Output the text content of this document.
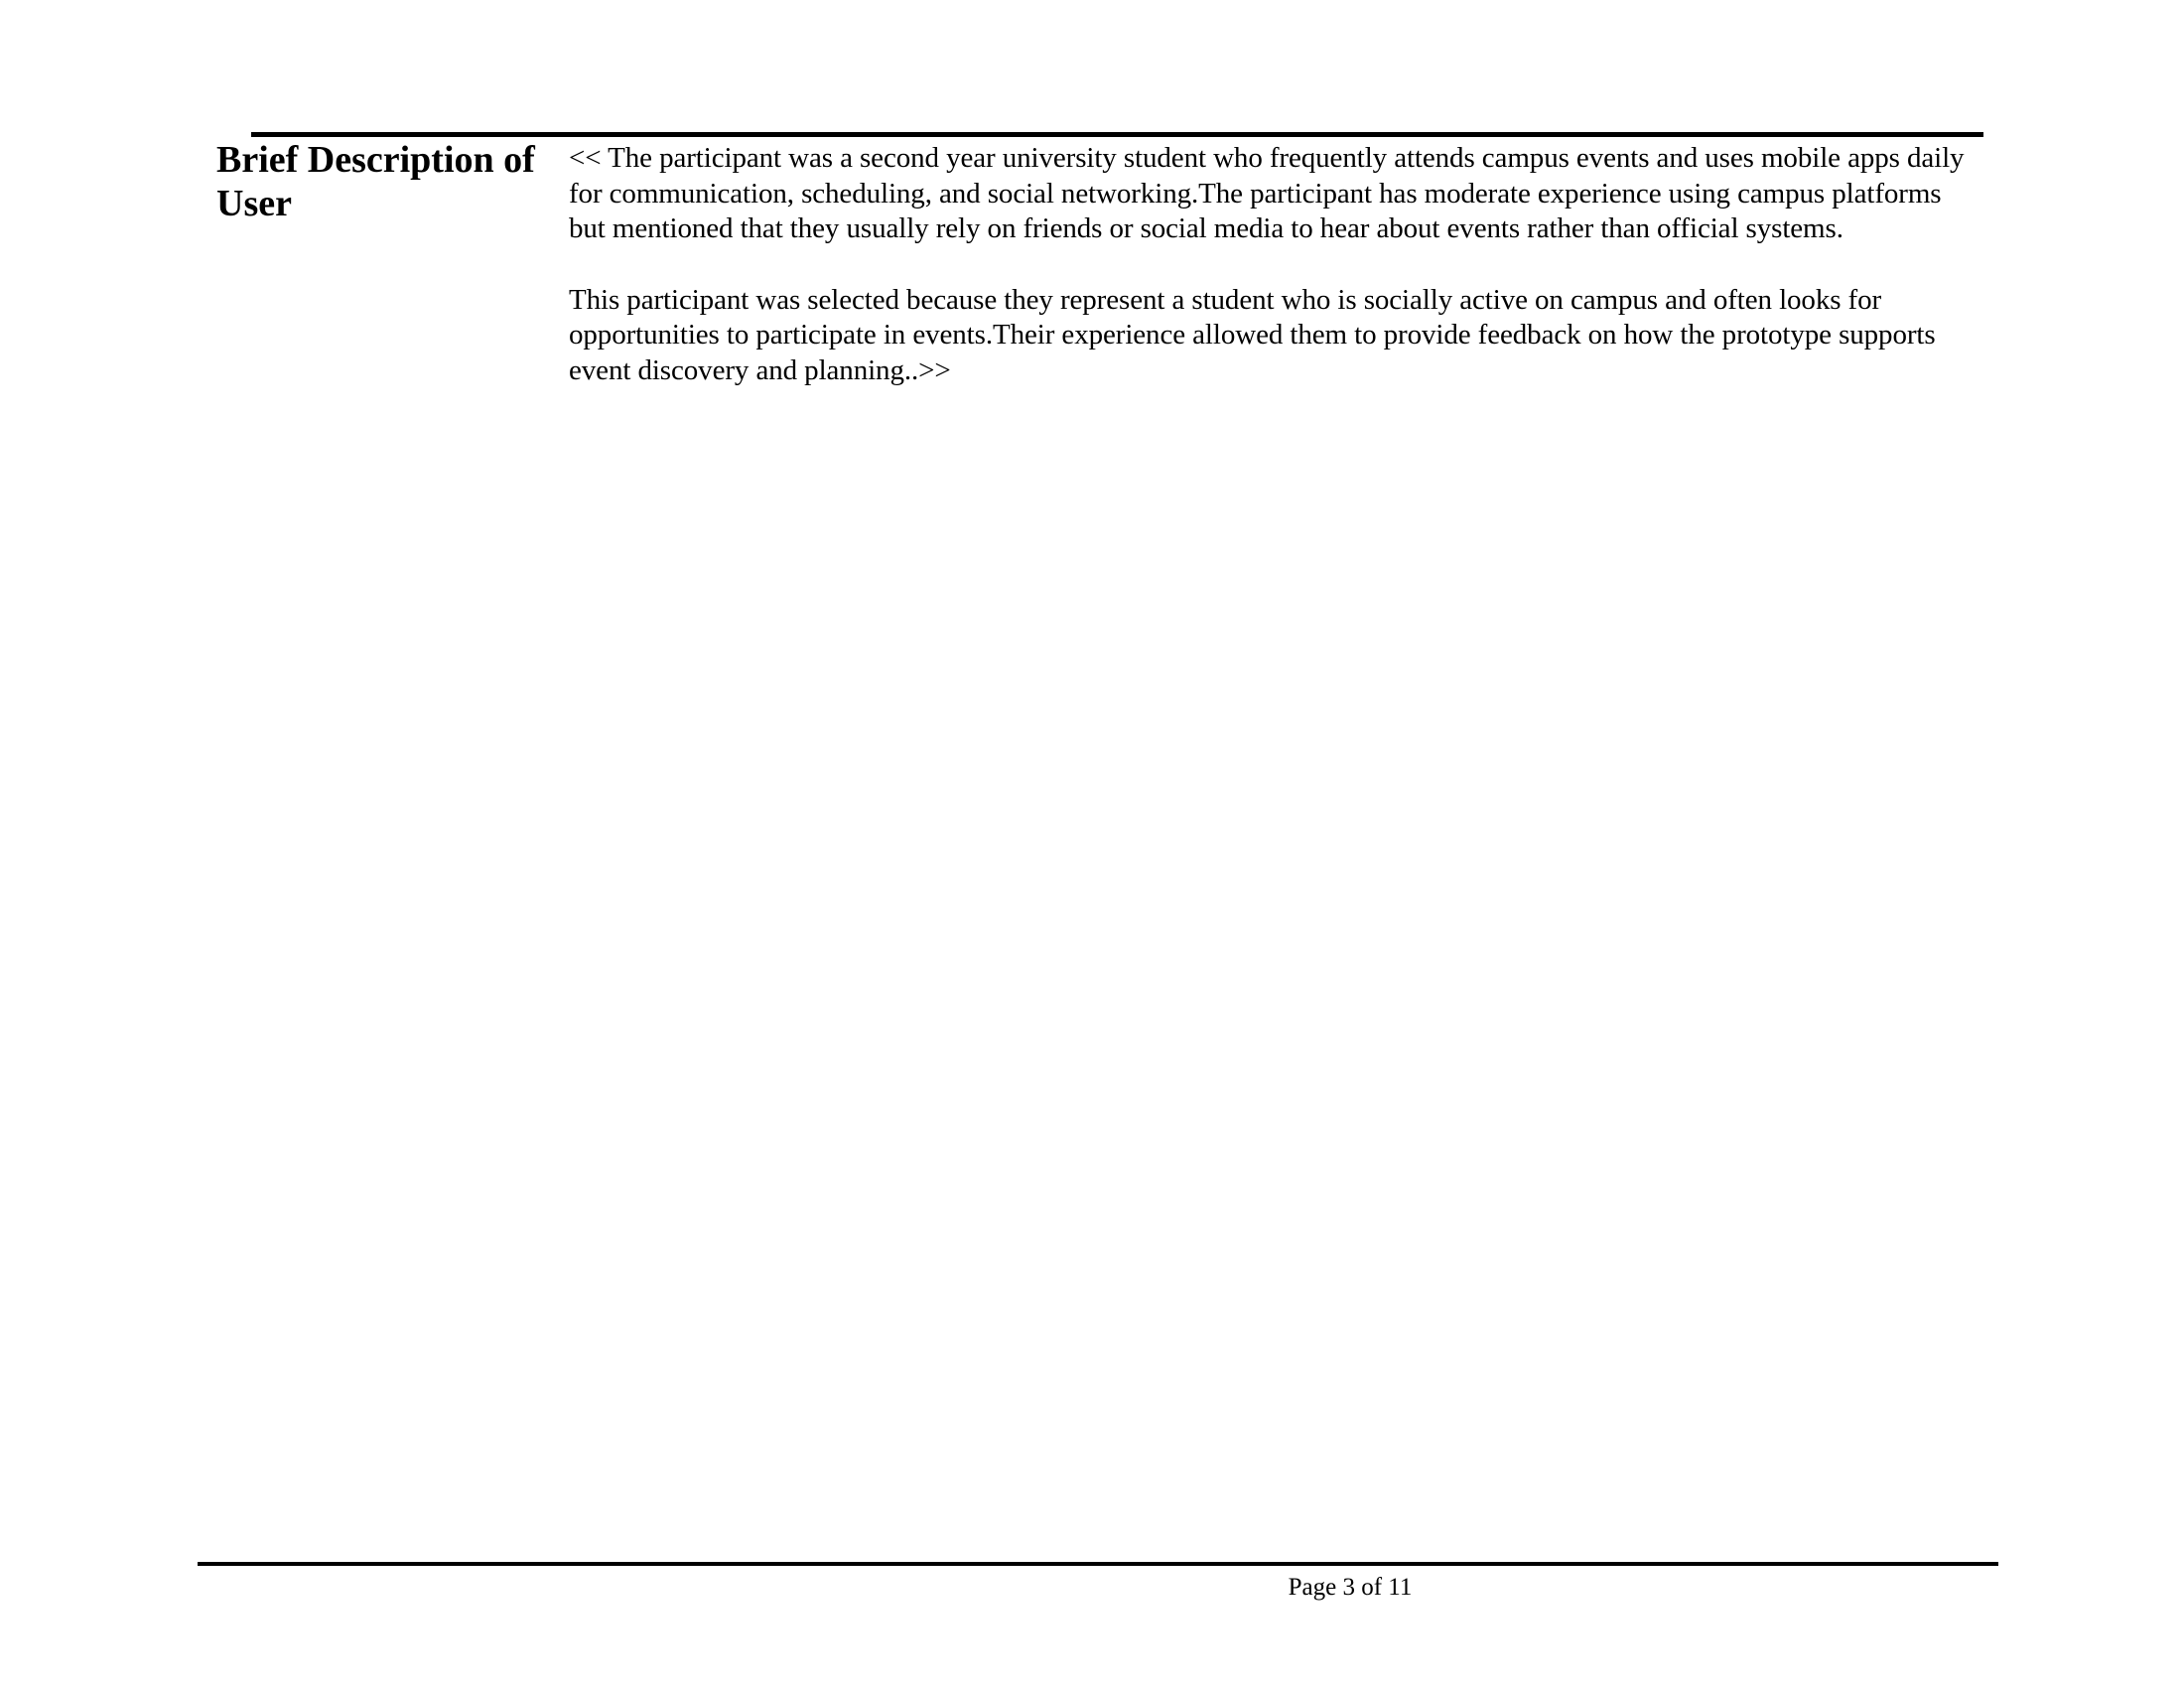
Brief Description of User

<< The participant was a second year university student who frequently attends campus events and uses mobile apps daily for communication, scheduling, and social networking.The participant has moderate experience using campus platforms but mentioned that they usually rely on friends or social media to hear about events rather than official systems.

This participant was selected because they represent a student who is socially active on campus and often looks for opportunities to participate in events.Their experience allowed them to provide feedback on how the prototype supports event discovery and planning..>>

Page 3 of 11
